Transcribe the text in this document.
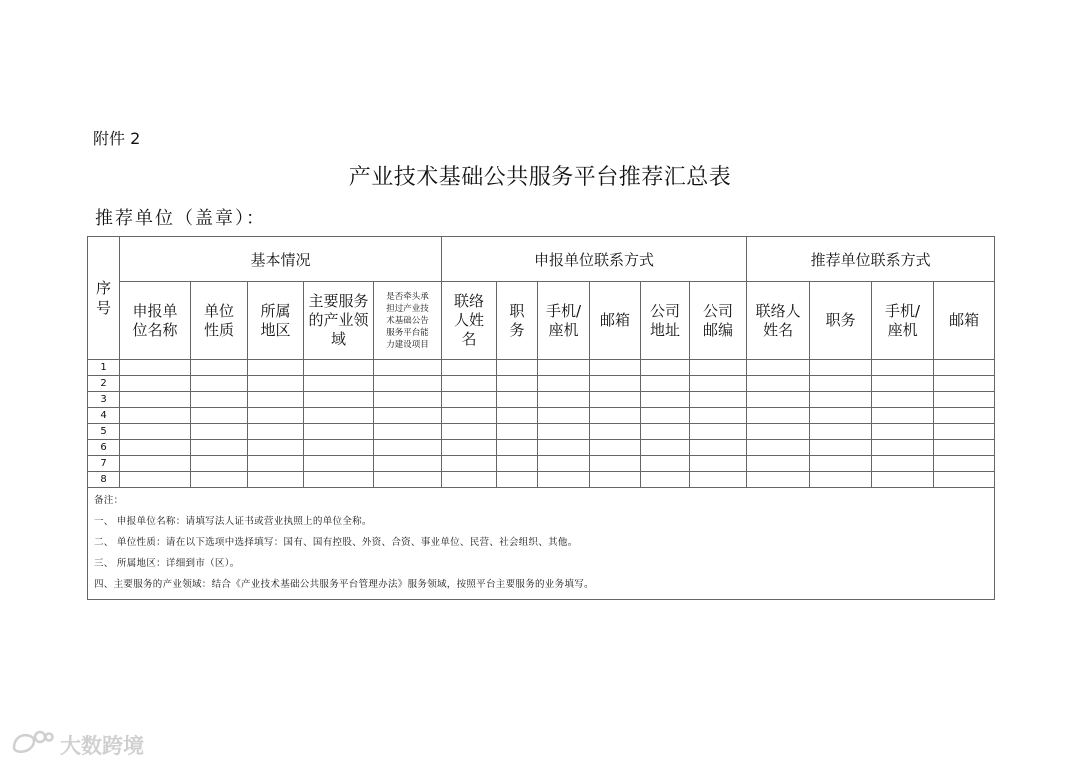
附件 2
产业技术基础公共服务平台推荐汇总表
推荐单位（盖章）：
序号	基本情况					申报单位联系方式						推荐单位联系方式			

	申报单位名称	单位性质	所属地区	主要服务的产业领域	是否牵头承担过产业技术基础公告服务平台能力建设项目	联络人姓名	职务	手机/座机	邮箱	公司地址	公司邮编	联络人姓名	职务	手机/座机	邮箱

1															
2															
3															
4															
5															
6															
7															
8															

备注：
一、 申报单位名称：请填写法人证书或营业执照上的单位全称。
二、 单位性质：请在以下选项中选择填写：国有、国有控股、外资、合资、事业单位、民营、社会组织、其他。
三、 所属地区：详细到市（区）。
四、主要服务的产业领域：结合《产业技术基础公共服务平台管理办法》服务领域，按照平台主要服务的业务填写。															
大数跨境
